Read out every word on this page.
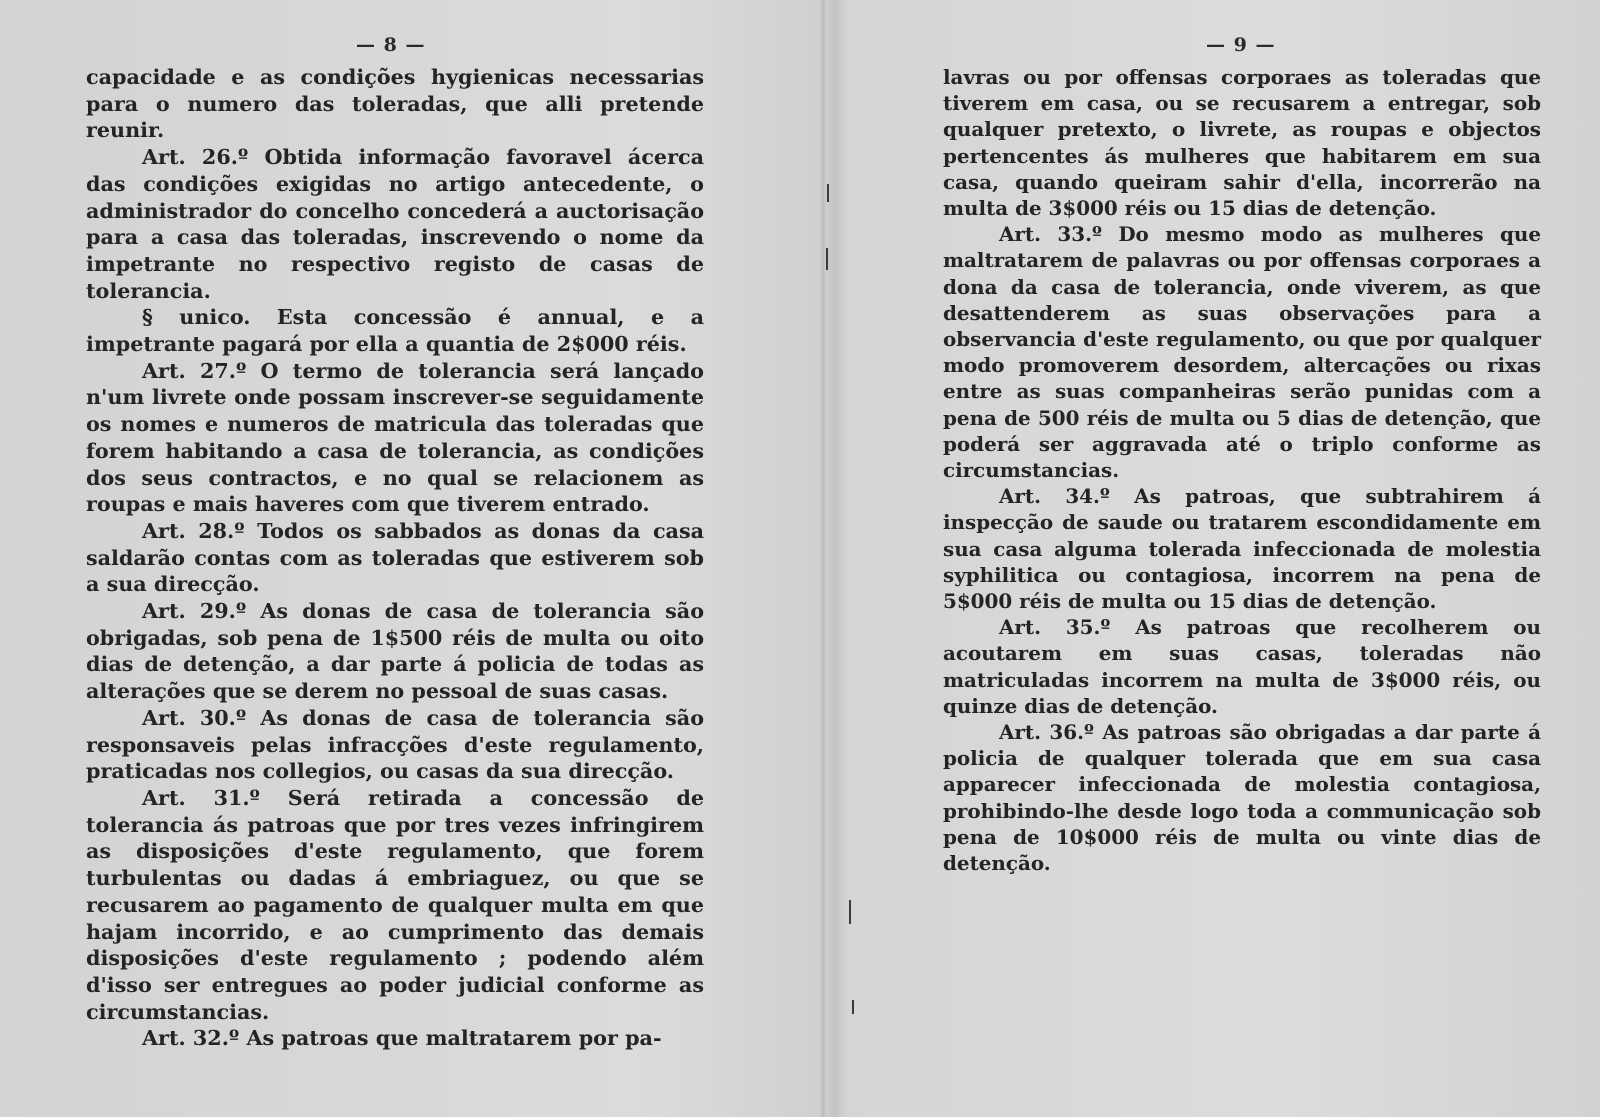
— 8 —

capacidade e as condições hygienicas necessarias para o numero das toleradas, que alli pretende reunir.

Art. 26.º Obtida informação favoravel ácerca das condições exigidas no artigo antecedente, o administrador do concelho concederá a auctorisação para a casa das toleradas, inscrevendo o nome da impetrante no respectivo registo de casas de tolerancia.

§ unico. Esta concessão é annual, e a impetrante pagará por ella a quantia de 2$000 réis.

Art. 27.º O termo de tolerancia será lançado n'um livrete onde possam inscrever-se seguidamente os nomes e numeros de matricula das toleradas que forem habitando a casa de tolerancia, as condições dos seus contractos, e no qual se relacionem as roupas e mais haveres com que tiverem entrado.

Art. 28.º Todos os sabbados as donas da casa saldarão contas com as toleradas que estiverem sob a sua direcção.

Art. 29.º As donas de casa de tolerancia são obrigadas, sob pena de 1$500 réis de multa ou oito dias de detenção, a dar parte á policia de todas as alterações que se derem no pessoal de suas casas.

Art. 30.º As donas de casa de tolerancia são responsaveis pelas infracções d'este regulamento, praticadas nos collegios, ou casas da sua direcção.

Art. 31.º Será retirada a concessão de tolerancia ás patroas que por tres vezes infringirem as disposições d'este regulamento, que forem turbulentas ou dadas á embriaguez, ou que se recusarem ao pagamento de qualquer multa em que hajam incorrido, e ao cumprimento das demais disposições d'este regulamento ; podendo além d'isso ser entregues ao poder judicial conforme as circumstancias.

Art. 32.º As patroas que maltratarem por pa-

— 9 —

lavras ou por offensas corporaes as toleradas que tiverem em casa, ou se recusarem a entregar, sob qualquer pretexto, o livrete, as roupas e objectos pertencentes ás mulheres que habitarem em sua casa, quando queiram sahir d'ella, incorrerão na multa de 3$000 réis ou 15 dias de detenção.

Art. 33.º Do mesmo modo as mulheres que maltratarem de palavras ou por offensas corporaes a dona da casa de tolerancia, onde viverem, as que desattenderem as suas observações para a observancia d'este regulamento, ou que por qualquer modo promoverem desordem, altercações ou rixas entre as suas companheiras serão punidas com a pena de 500 réis de multa ou 5 dias de detenção, que poderá ser aggravada até o triplo conforme as circumstancias.

Art. 34.º As patroas, que subtrahirem á inspecção de saude ou tratarem escondidamente em sua casa alguma tolerada infeccionada de molestia syphilitica ou contagiosa, incorrem na pena de 5$000 réis de multa ou 15 dias de detenção.

Art. 35.º As patroas que recolherem ou acoutarem em suas casas, toleradas não matriculadas incorrem na multa de 3$000 réis, ou quinze dias de detenção.

Art. 36.º As patroas são obrigadas a dar parte á policia de qualquer tolerada que em sua casa apparecer infeccionada de molestia contagiosa, prohibindo-lhe desde logo toda a communicação sob pena de 10$000 réis de multa ou vinte dias de detenção.
